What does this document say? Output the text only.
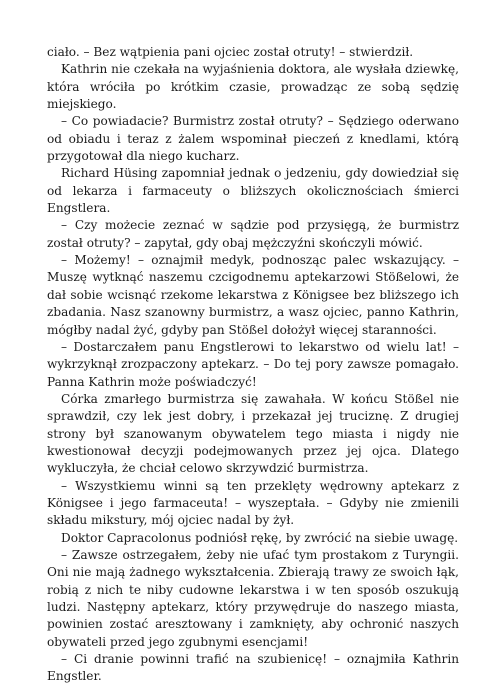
ciało. – Bez wątpienia pani ojciec został otruty! – stwierdził.

Kathrin nie czekała na wyjaśnienia doktora, ale wysłała dziewkę, która wróciła po krótkim czasie, prowadząc ze sobą sędzię miejskiego.

– Co powiadacie? Burmistrz został otruty? – Sędziego oderwano od obiadu i teraz z żalem wspominał pieczeń z knedlami, którą przygotował dla niego kucharz.

Richard Hüsing zapomniał jednak o jedzeniu, gdy dowiedział się od lekarza i farmaceuty o bliższych okolicznościach śmierci Engstlera.

– Czy możecie zeznać w sądzie pod przysięgą, że burmistrz został otruty? – zapytał, gdy obaj mężczyźni skończyli mówić.

– Możemy! – oznajmił medyk, podnosząc palec wskazujący. – Muszę wytknąć naszemu czcigodnemu aptekarzowi Stößelowi, że dał sobie wcisnąć rzekome lekarstwa z Königsee bez bliższego ich zbadania. Nasz szanowny burmistrz, a wasz ojciec, panno Kathrin, mógłby nadal żyć, gdyby pan Stößel dołożył więcej staranności.

– Dostarczałem panu Engstlerowi to lekarstwo od wielu lat! – wykrzyknął zrozpaczony aptekarz. – Do tej pory zawsze pomagało. Panna Kathrin może poświadczyć!

Córka zmarłego burmistrza się zawahała. W końcu Stößel nie sprawdził, czy lek jest dobry, i przekazał jej truciznę. Z drugiej strony był szanowanym obywatelem tego miasta i nigdy nie kwestionował decyzji podejmowanych przez jej ojca. Dlatego wykluczyła, że chciał celowo skrzywdzić burmistrza.

– Wszystkiemu winni są ten przeklęty wędrowny aptekarz z Königsee i jego farmaceuta! – wyszeptała. – Gdyby nie zmienili składu mikstury, mój ojciec nadal by żył.

Doktor Capracolonus podniósł rękę, by zwrócić na siebie uwagę.

– Zawsze ostrzegałem, żeby nie ufać tym prostakom z Turyngii. Oni nie mają żadnego wykształcenia. Zbierają trawy ze swoich łąk, robią z nich te niby cudowne lekarstwa i w ten sposób oszukują ludzi. Następny aptekarz, który przywędruje do naszego miasta, powinien zostać aresztowany i zamknięty, aby ochronić naszych obywateli przed jego zgubnymi esencjami!

– Ci dranie powinni trafić na szubienicę! – oznajmiła Kathrin Engstler.
